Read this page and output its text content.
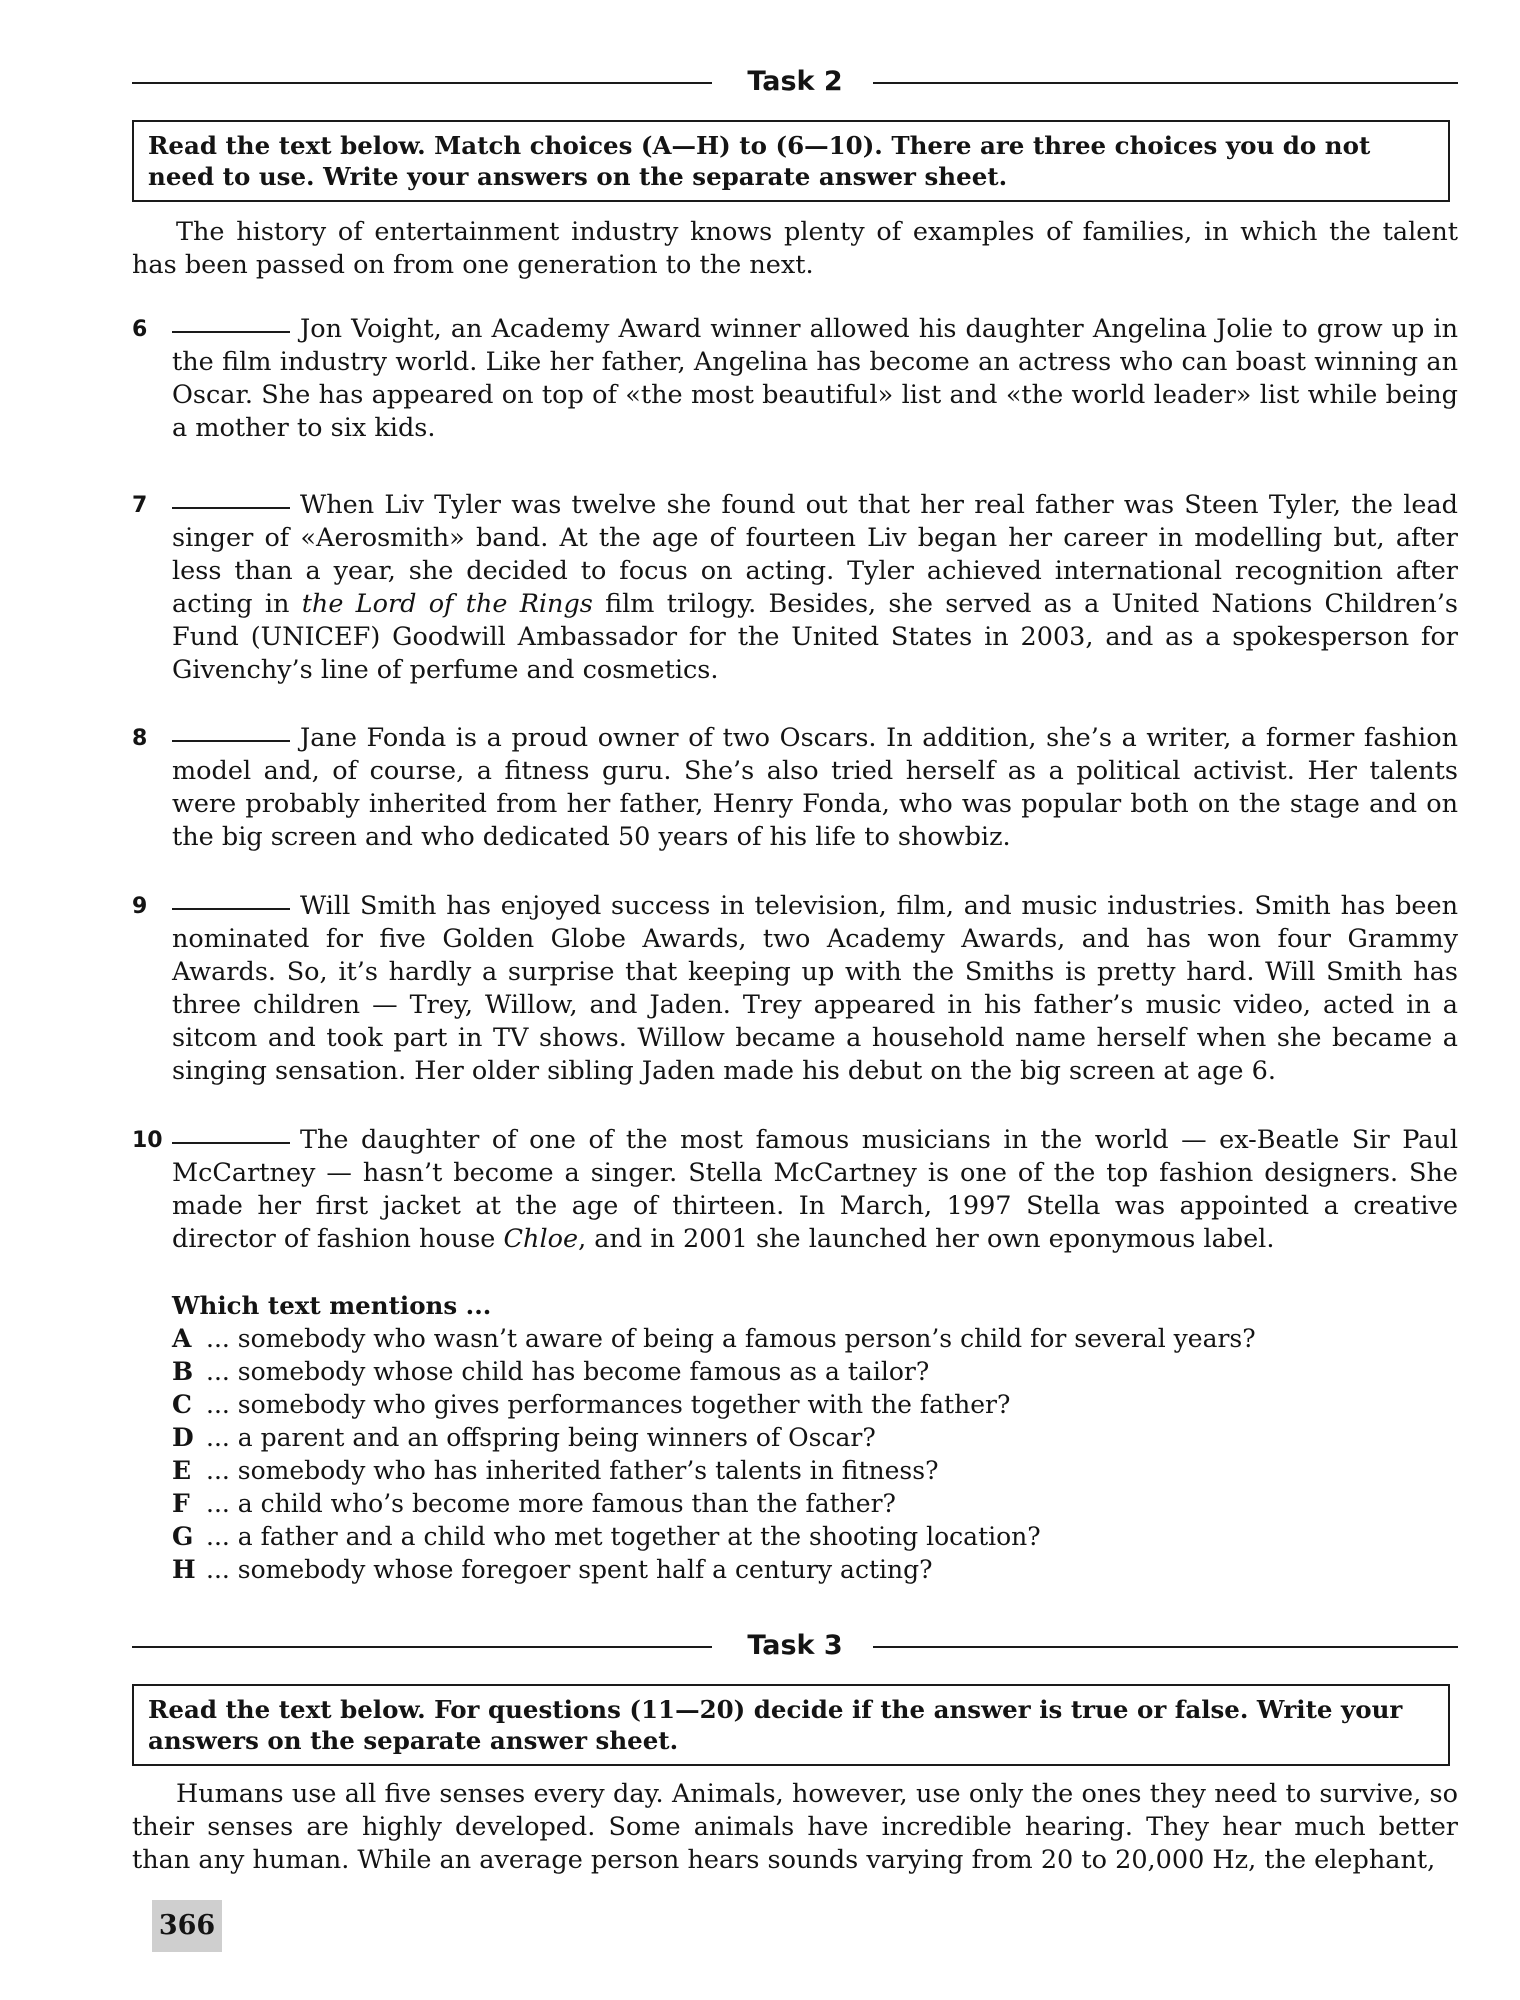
Task 2
Read the text below. Match choices (A—H) to (6—10). There are three choices you do not need to use. Write your answers on the separate answer sheet.

The history of entertainment industry knows plenty of examples of families, in which the talent has been passed on from one generation to the next.

6	Jon Voight, an Academy Award winner allowed his daughter Angelina Jolie to grow up in the film industry world. Like her father, Angelina has become an actress who can boast winning an Oscar. She has appeared on top of «the most beautiful» list and «the world leader» list while being a mother to six kids.
7	When Liv Tyler was twelve she found out that her real father was Steen Tyler, the lead singer of «Aerosmith» band. At the age of fourteen Liv began her career in modelling but, after less than a year, she decided to focus on acting. Tyler achieved international recognition after acting in the Lord of the Rings film trilogy. Besides, she served as a United Nations Children’s Fund (UNICEF) Goodwill Ambassador for the United States in 2003, and as a spokesperson for Givenchy’s line of perfume and cosmetics.
8	Jane Fonda is a proud owner of two Oscars. In addition, she’s a writer, a former fashion model and, of course, a fitness guru. She’s also tried herself as a political activist. Her talents were probably inherited from her father, Henry Fonda, who was popular both on the stage and on the big screen and who dedicated 50 years of his life to showbiz.
9	Will Smith has enjoyed success in television, film, and music industries. Smith has been nominated for five Golden Globe Awards, two Academy Awards, and has won four Grammy Awards. So, it’s hardly a surprise that keeping up with the Smiths is pretty hard. Will Smith has three children — Trey, Willow, and Jaden. Trey appeared in his father’s music video, acted in a sitcom and took part in TV shows. Willow became a household name herself when she became a singing sensation. Her older sibling Jaden made his debut on the big screen at age 6.
10	The daughter of one of the most famous musicians in the world — ex-Beatle Sir Paul McCartney — hasn’t become a singer. Stella McCartney is one of the top fashion designers. She made her first jacket at the age of thirteen. In March, 1997 Stella was appointed a creative director of fashion house Chloe, and in 2001 she launched her own eponymous label.
Which text mentions ...
A ... somebody who wasn’t aware of being a famous person’s child for several years?
B ... somebody whose child has become famous as a tailor?
C ... somebody who gives performances together with the father?
D ... a parent and an offspring being winners of Oscar?
E ... somebody who has inherited father’s talents in fitness?
F ... a child who’s become more famous than the father?
G ... a father and a child who met together at the shooting location?
H ... somebody whose foregoer spent half a century acting?
Task 3
Read the text below. For questions (11—20) decide if the answer is true or false. Write your answers on the separate answer sheet.

Humans use all five senses every day. Animals, however, use only the ones they need to survive, so their senses are highly developed. Some animals have incredible hearing. They hear much better than any human. While an average person hears sounds varying from 20 to 20,000 Hz, the elephant,

366
